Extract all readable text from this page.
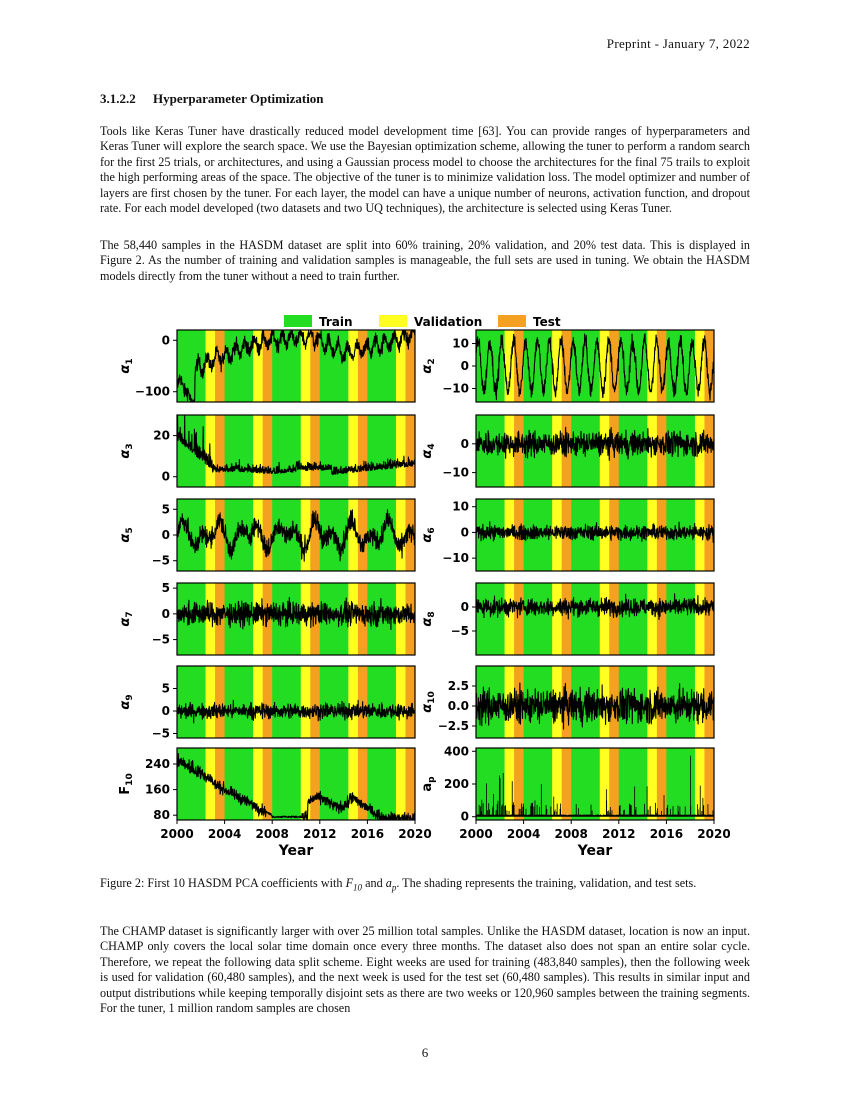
Preprint - January 7, 2022
3.1.2.2 Hyperparameter Optimization

Tools like Keras Tuner have drastically reduced model development time [63]. You can provide ranges of hyperparameters and Keras Tuner will explore the search space. We use the Bayesian optimization scheme, allowing the tuner to perform a random search for the first 25 trials, or architectures, and using a Gaussian process model to choose the architectures for the final 75 trails to exploit the high performing areas of the space. The objective of the tuner is to minimize validation loss. The model optimizer and number of layers are first chosen by the tuner. For each layer, the model can have a unique number of neurons, activation function, and dropout rate. For each model developed (two datasets and two UQ techniques), the architecture is selected using Keras Tuner.

The 58,440 samples in the HASDM dataset are split into 60% training, 20% validation, and 20% test data. This is displayed in Figure 2. As the number of training and validation samples is manageable, the full sets are used in tuning. We obtain the HASDM models directly from the tuner without a need to train further.

Train	Validation	Test
0
−100
$\alpha_1$
10
0
−10
$\alpha_2$
20
0
$\alpha_3$	0
−10
$\alpha_4$
5
0
−5
$\alpha_5$
10
0
−10
$\alpha_6$
5
0
−5
$\alpha_7$
0
−5
$\alpha_8$
5
0
−5
$\alpha_9$
2.5
0.0
−2.5
$\alpha_{10}$
240
160
80
$F_{10}$
2000 2004 2008 2012 2016 2020
Year
400
200
0
$a_p$
2000 2004 2008 2012 2016 2020
Year

Figure 2: First 10 HASDM PCA coefficients with $F_{10}$ and $a_p$. The shading represents the training, validation, and test sets.

The CHAMP dataset is significantly larger with over 25 million total samples. Unlike the HASDM dataset, location is now an input. CHAMP only covers the local solar time domain once every three months. The dataset also does not span an entire solar cycle. Therefore, we repeat the following data split scheme. Eight weeks are used for training (483,840 samples), then the following week is used for validation (60,480 samples), and the next week is used for the test set (60,480 samples). This results in similar input and output distributions while keeping temporally disjoint sets as there are two weeks or 120,960 samples between the training segments. For the tuner, 1 million random samples are chosen

6
